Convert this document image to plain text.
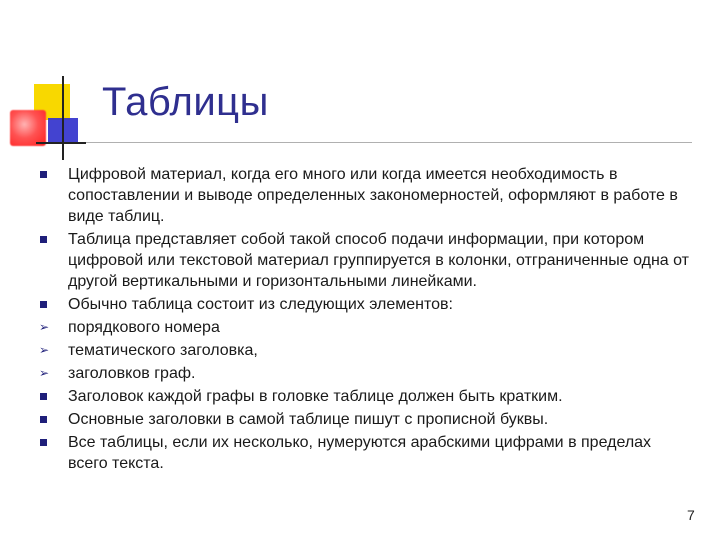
Таблицы
Цифровой материал, когда его много или когда имеется необходимость в сопоставлении и выводе определенных закономерностей, оформляют в работе в виде таблиц.
Таблица представляет собой такой способ подачи информации, при котором цифровой или текстовой материал группируется в колонки, отграниченные одна от другой вертикальными и горизонтальными линейками.
Обычно таблица состоит из следующих элементов:
➢ порядкового номера
➢ тематического заголовка,
➢ заголовков граф.
Заголовок каждой графы в головке таблице должен быть кратким.
Основные заголовки в самой таблице пишут с прописной буквы.
Все таблицы, если их несколько, нумеруются арабскими цифрами в пределах всего текста.
7
